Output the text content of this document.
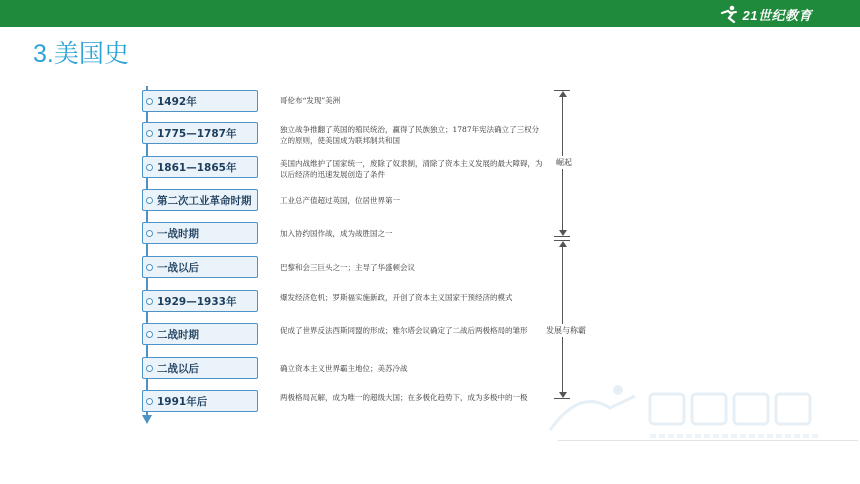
21世纪教育
3.美国史
1492年	哥伦布“发现”美洲
1775—1787年	独立战争推翻了英国的殖民统治，赢得了民族独立；1787年宪法确立了三权分立的原则，使美国成为联邦制共和国
1861—1865年	美国内战维护了国家统一，废除了奴隶制，清除了资本主义发展的最大障碍，为以后经济的迅速发展创造了条件
第二次工业革命时期	工业总产值超过英国，位居世界第一
一战时期	加入协约国作战，成为战胜国之一
一战以后	巴黎和会三巨头之一；主导了华盛顿会议
1929—1933年	爆发经济危机；罗斯福实施新政，开创了资本主义国家干预经济的模式
二战时期	促成了世界反法西斯同盟的形成；雅尔塔会议确定了二战后两极格局的雏形
二战以后	确立资本主义世界霸主地位；美苏冷战
1991年后	两极格局瓦解，成为唯一的超级大国；在多极化趋势下，成为多极中的一极
崛起
发展与称霸
